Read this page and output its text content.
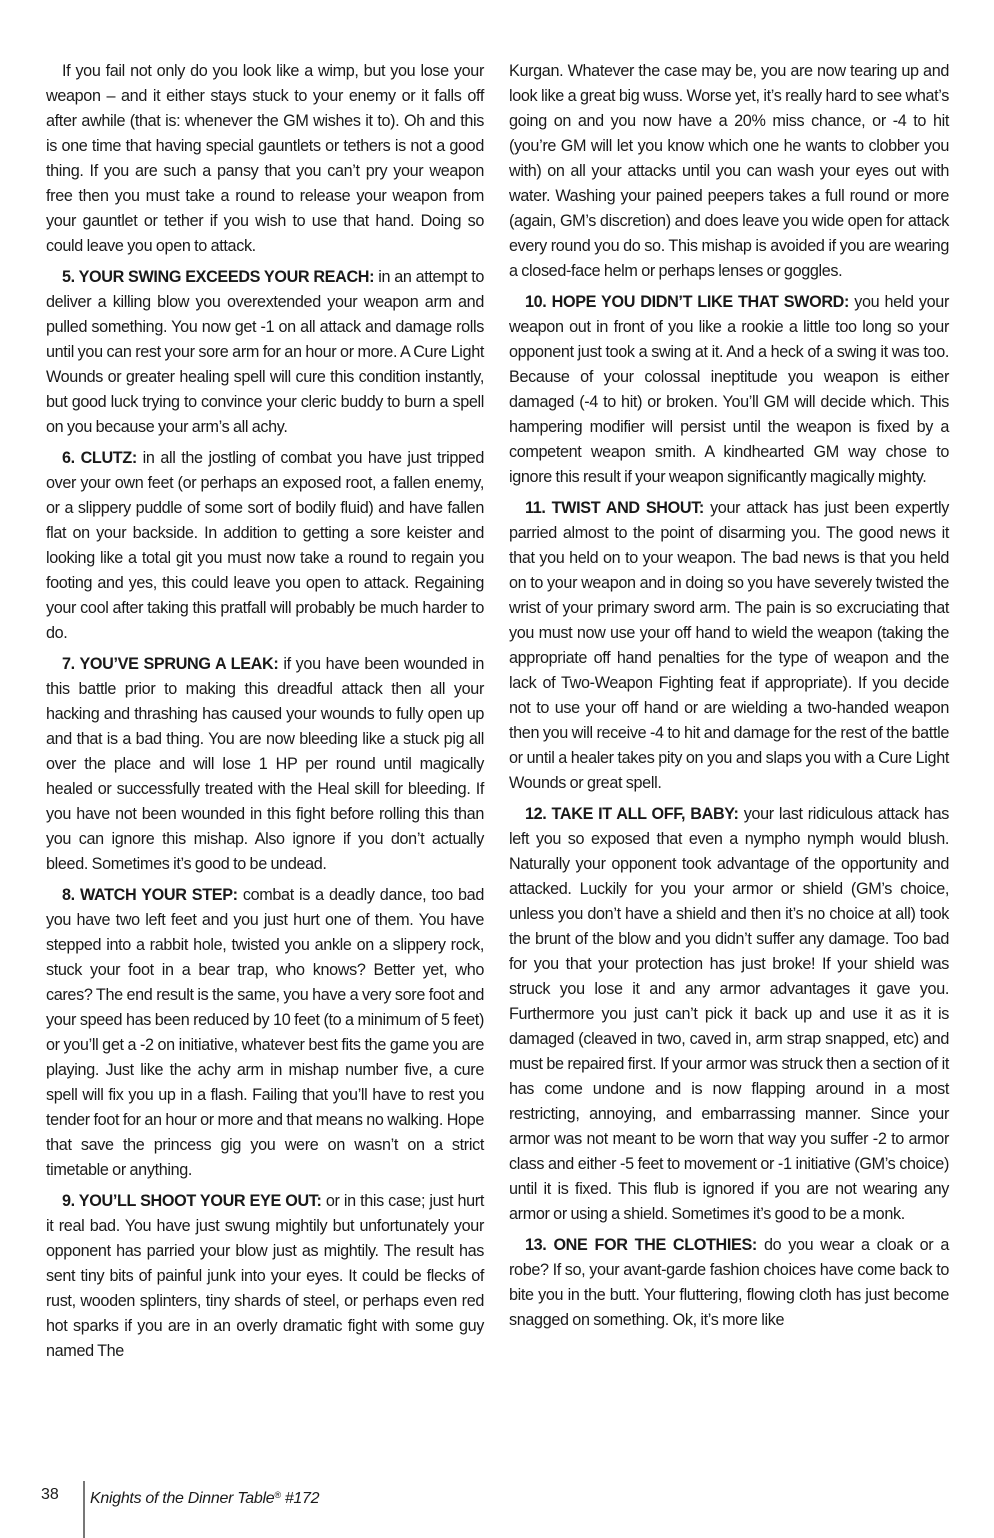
If you fail not only do you look like a wimp, but you lose your weapon – and it either stays stuck to your enemy or it falls off after awhile (that is: whenever the GM wishes it to). Oh and this is one time that having special gauntlets or tethers is not a good thing. If you are such a pansy that you can’t pry your weapon free then you must take a round to release your weapon from your gauntlet or tether if you wish to use that hand. Doing so could leave you open to attack.

5. YOUR SWING EXCEEDS YOUR REACH: in an attempt to deliver a killing blow you overextended your weapon arm and pulled something. You now get -1 on all attack and damage rolls until you can rest your sore arm for an hour or more. A Cure Light Wounds or greater healing spell will cure this condition instantly, but good luck trying to convince your cleric buddy to burn a spell on you because your arm’s all achy.

6. CLUTZ: in all the jostling of combat you have just tripped over your own feet (or perhaps an exposed root, a fallen enemy, or a slippery puddle of some sort of bodily fluid) and have fallen flat on your backside. In addition to getting a sore keister and looking like a total git you must now take a round to regain you footing and yes, this could leave you open to attack. Regaining your cool after taking this pratfall will probably be much harder to do.

7. YOU’VE SPRUNG A LEAK: if you have been wounded in this battle prior to making this dreadful attack then all your hacking and thrashing has caused your wounds to fully open up and that is a bad thing. You are now bleeding like a stuck pig all over the place and will lose 1 HP per round until magically healed or successfully treated with the Heal skill for bleeding. If you have not been wounded in this fight before rolling this than you can ignore this mishap. Also ignore if you don’t actually bleed. Sometimes it’s good to be undead.

8. WATCH YOUR STEP: combat is a deadly dance, too bad you have two left feet and you just hurt one of them. You have stepped into a rabbit hole, twisted you ankle on a slippery rock, stuck your foot in a bear trap, who knows? Better yet, who cares? The end result is the same, you have a very sore foot and your speed has been reduced by 10 feet (to a minimum of 5 feet) or you’ll get a -2 on initiative, whatever best fits the game you are playing. Just like the achy arm in mishap number five, a cure spell will fix you up in a flash. Failing that you’ll have to rest you tender foot for an hour or more and that means no walking. Hope that save the princess gig you were on wasn’t on a strict timetable or anything.

9. YOU’LL SHOOT YOUR EYE OUT: or in this case; just hurt it real bad. You have just swung mightily but unfortunately your opponent has parried your blow just as mightily. The result has sent tiny bits of painful junk into your eyes. It could be flecks of rust, wooden splinters, tiny shards of steel, or perhaps even red hot sparks if you are in an overly dramatic fight with some guy named The

Kurgan. Whatever the case may be, you are now tearing up and look like a great big wuss. Worse yet, it’s really hard to see what’s going on and you now have a 20% miss chance, or -4 to hit (you’re GM will let you know which one he wants to clobber you with) on all your attacks until you can wash your eyes out with water. Washing your pained peepers takes a full round or more (again, GM’s discretion) and does leave you wide open for attack every round you do so. This mishap is avoided if you are wearing a closed-face helm or perhaps lenses or goggles.

10. HOPE YOU DIDN’T LIKE THAT SWORD: you held your weapon out in front of you like a rookie a little too long so your opponent just took a swing at it. And a heck of a swing it was too. Because of your colossal ineptitude you weapon is either damaged (-4 to hit) or broken. You’ll GM will decide which. This hampering modifier will persist until the weapon is fixed by a competent weapon smith. A kindhearted GM way chose to ignore this result if your weapon significantly magically mighty.

11. TWIST AND SHOUT: your attack has just been expertly parried almost to the point of disarming you. The good news it that you held on to your weapon. The bad news is that you held on to your weapon and in doing so you have severely twisted the wrist of your primary sword arm. The pain is so excruciating that you must now use your off hand to wield the weapon (taking the appropriate off hand penalties for the type of weapon and the lack of Two-Weapon Fighting feat if appropriate). If you decide not to use your off hand or are wielding a two-handed weapon then you will receive -4 to hit and damage for the rest of the battle or until a healer takes pity on you and slaps you with a Cure Light Wounds or great spell.

12. TAKE IT ALL OFF, BABY: your last ridiculous attack has left you so exposed that even a nympho nymph would blush. Naturally your opponent took advantage of the opportunity and attacked. Luckily for you your armor or shield (GM’s choice, unless you don’t have a shield and then it’s no choice at all) took the brunt of the blow and you didn’t suffer any damage. Too bad for you that your protection has just broke! If your shield was struck you lose it and any armor advantages it gave you. Furthermore you just can’t pick it back up and use it as it is damaged (cleaved in two, caved in, arm strap snapped, etc) and must be repaired first. If your armor was struck then a section of it has come undone and is now flapping around in a most restricting, annoying, and embarrassing manner. Since your armor was not meant to be worn that way you suffer -2 to armor class and either -5 feet to movement or -1 initiative (GM’s choice) until it is fixed. This flub is ignored if you are not wearing any armor or using a shield. Sometimes it’s good to be a monk.

13. ONE FOR THE CLOTHIES: do you wear a cloak or a robe? If so, your avant-garde fashion choices have come back to bite you in the butt. Your fluttering, flowing cloth has just become snagged on something. Ok, it’s more like

38 Knights of the Dinner Table® #172
